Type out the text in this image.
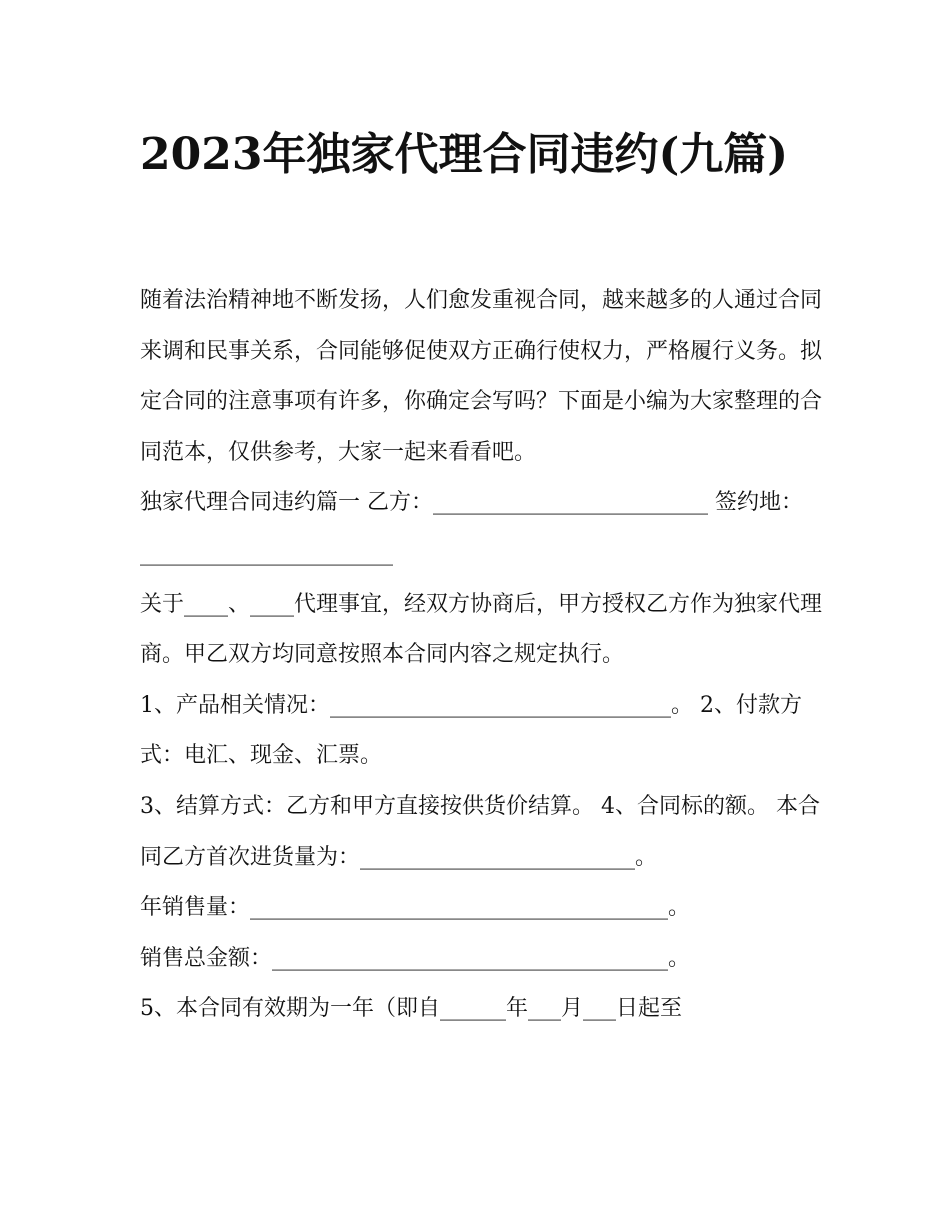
2023年独家代理合同违约(九篇)

随着法治精神地不断发扬，人们愈发重视合同，越来越多的人通过合同来调和民事关系，合同能够促使双方正确行使权力，严格履行义务。拟定合同的注意事项有许多，你确定会写吗？下面是小编为大家整理的合同范本，仅供参考，大家一起来看看吧。

独家代理合同违约篇一 乙方：_________________________ 签约地：_______________________

关于____、____代理事宜，经双方协商后，甲方授权乙方作为独家代理商。甲乙双方均同意按照本合同内容之规定执行。

1、产品相关情况：_______________________________。 2、付款方式：电汇、现金、汇票。

3、结算方式：乙方和甲方直接按供货价结算。 4、合同标的额。 本合同乙方首次进货量为：_________________________。

年销售量：______________________________________。

销售总金额：____________________________________。

5、本合同有效期为一年（即自______年___月___日起至
